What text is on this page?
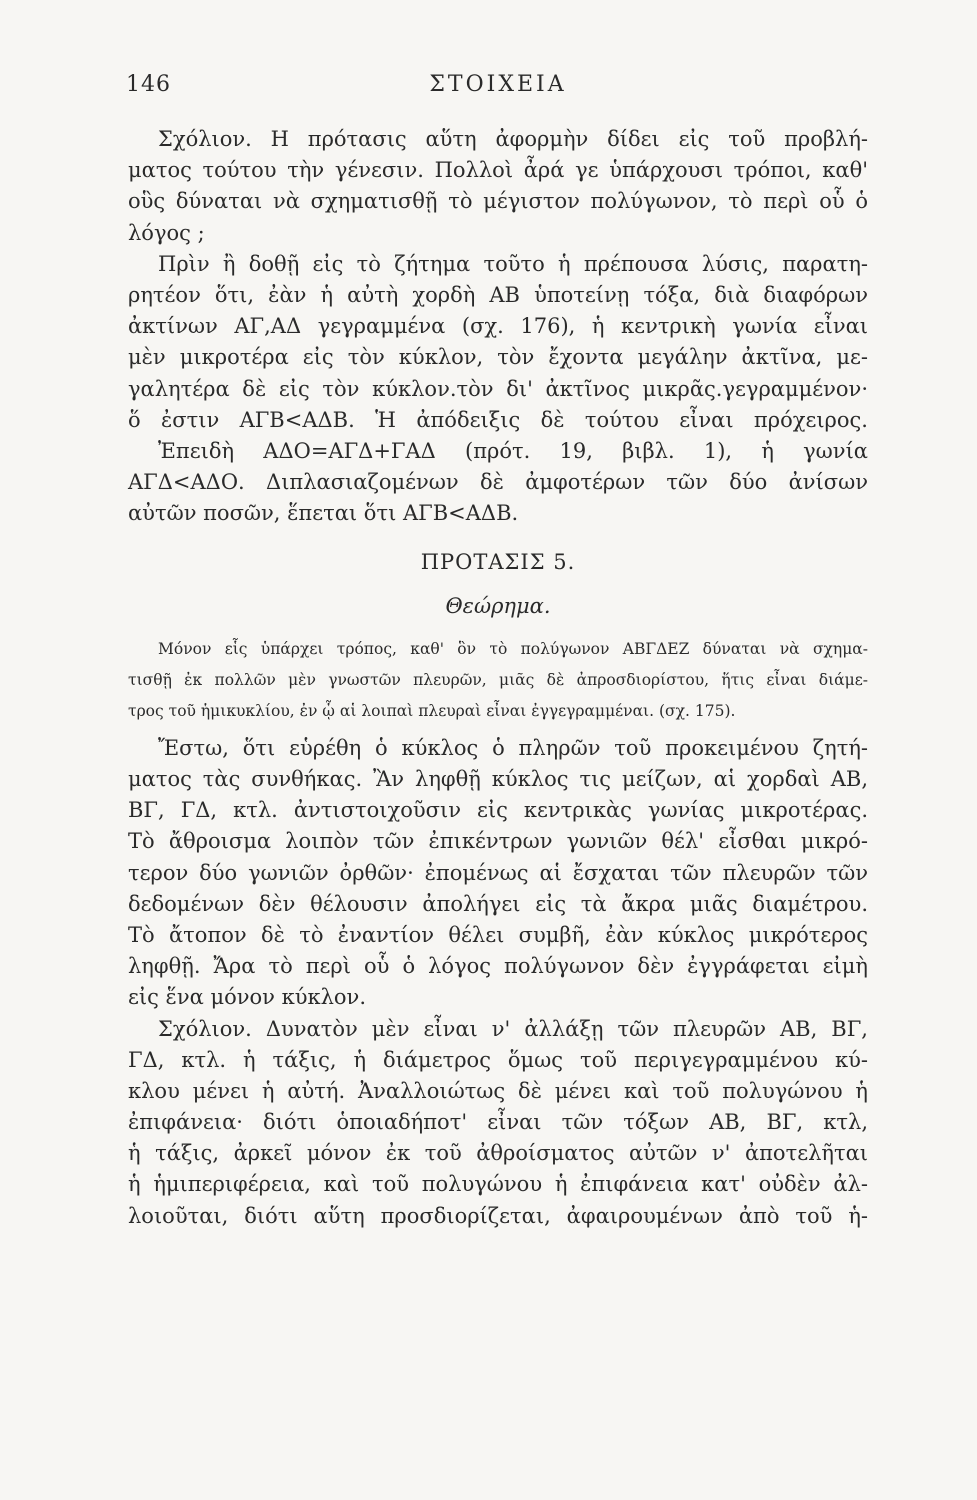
146	ΣΤΟΙΧΕΙΑ
Σχόλιον. Η πρότασις αὕτη ἀφορμὴν δίδει εἰς τοῦ προβλή-
ματος τούτου τὴν γένεσιν. Πολλοὶ ἆρά γε ὑπάρχουσι τρόποι, καθ'
οὓς δύναται νὰ σχηματισθῇ τὸ μέγιστον πολύγωνον, τὸ περὶ οὗ ὁ
λόγος ;
Πρὶν ἢ δοθῇ εἰς τὸ ζήτημα τοῦτο ἡ πρέπουσα λύσις, παρατη-
ρητέον ὅτι, ἐὰν ἡ αὐτὴ χορδὴ ΑΒ ὑποτείνῃ τόξα, διὰ διαφόρων
ἀκτίνων ΑΓ,ΑΔ γεγραμμένα (σχ. 176), ἡ κεντρικὴ γωνία εἶναι
μὲν μικροτέρα εἰς τὸν κύκλον, τὸν ἔχοντα μεγάλην ἀκτῖνα, με-
γαλητέρα δὲ εἰς τὸν κύκλον.τὸν δι' ἀκτῖνος μικρᾶς.γεγραμμένον·
ὅ ἐστιν ΑΓΒ<ΑΔΒ. Ἡ ἀπόδειξις δὲ τούτου εἶναι πρόχειρος.
Ἐπειδὴ ΑΔΟ=ΑΓΔ+ΓΑΔ (πρότ. 19, βιβλ. 1), ἡ γωνία
ΑΓΔ<ΑΔΟ. Διπλασιαζομένων δὲ ἀμφοτέρων τῶν δύο ἀνίσων
αὐτῶν ποσῶν, ἕπεται ὅτι ΑΓΒ<ΑΔΒ.
ΠΡΟΤΑΣΙΣ 5.
Θεώρημα.
Μόνον εἷς ὑπάρχει τρόπος, καθ' ὃν τὸ πολύγωνον ΑΒΓΔΕΖ δύναται νὰ σχημα-
τισθῇ ἐκ πολλῶν μὲν γνωστῶν πλευρῶν, μιᾶς δὲ ἀπροσδιορίστου, ἥτις εἶναι διάμε-
τρος τοῦ ἡμικυκλίου, ἐν ᾧ αἱ λοιπαὶ πλευραὶ εἶναι ἐγγεγραμμέναι. (σχ. 175).
Ἔστω, ὅτι εὑρέθη ὁ κύκλος ὁ πληρῶν τοῦ προκειμένου ζητή-
ματος τὰς συνθήκας. Ἂν ληφθῇ κύκλος τις μείζων, αἱ χορδαὶ ΑΒ,
ΒΓ, ΓΔ, κτλ. ἀντιστοιχοῦσιν εἰς κεντρικὰς γωνίας μικροτέρας.
Τὸ ἄθροισμα λοιπὸν τῶν ἐπικέντρων γωνιῶν θέλ' εἶσθαι μικρό-
τερον δύο γωνιῶν ὀρθῶν· ἐπομένως αἱ ἔσχαται τῶν πλευρῶν τῶν
δεδομένων δὲν θέλουσιν ἀπολήγει εἰς τὰ ἄκρα μιᾶς διαμέτρου.
Τὸ ἄτοπον δὲ τὸ ἐναντίον θέλει συμβῆ, ἐὰν κύκλος μικρότερος
ληφθῇ. Ἄρα τὸ περὶ οὗ ὁ λόγος πολύγωνον δὲν ἐγγράφεται εἰμὴ
εἰς ἕνα μόνον κύκλον.
Σχόλιον. Δυνατὸν μὲν εἶναι ν' ἀλλάξῃ τῶν πλευρῶν ΑΒ, ΒΓ,
ΓΔ, κτλ. ἡ τάξις, ἡ διάμετρος ὅμως τοῦ περιγεγραμμένου κύ-
κλου μένει ἡ αὐτή. Ἀναλλοιώτως δὲ μένει καὶ τοῦ πολυγώνου ἡ
ἐπιφάνεια· διότι ὁποιαδήποτ' εἶναι τῶν τόξων ΑΒ, ΒΓ, κτλ,
ἡ τάξις, ἀρκεῖ μόνον ἐκ τοῦ ἀθροίσματος αὐτῶν ν' ἀποτελῆται
ἡ ἡμιπεριφέρεια, καὶ τοῦ πολυγώνου ἡ ἐπιφάνεια κατ' οὐδὲν ἀλ-
λοιοῦται, διότι αὕτη προσδιορίζεται, ἀφαιρουμένων ἀπὸ τοῦ ἡ-
